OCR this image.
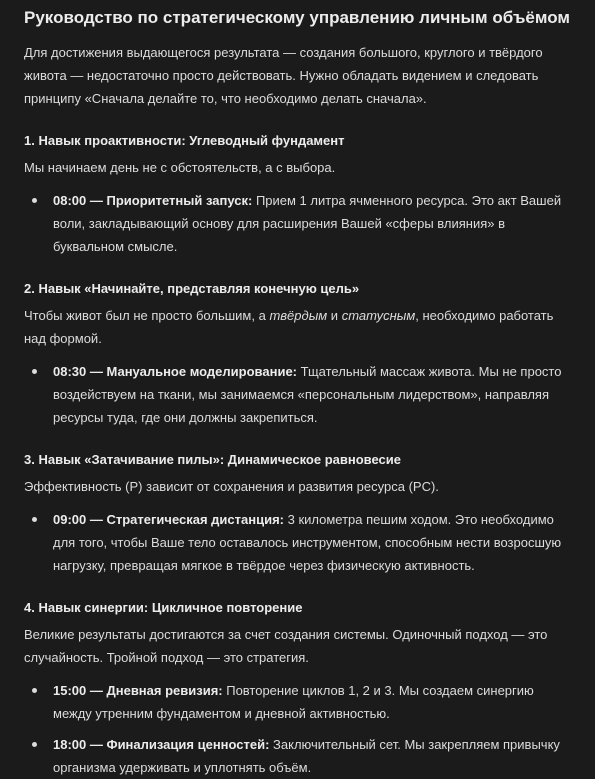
Руководство по стратегическому управлению личным объёмом

Для достижения выдающегося результата — создания большого, круглого и твёрдого живота — недостаточно просто действовать. Нужно обладать видением и следовать принципу «Сначала делайте то, что необходимо делать сначала».

1. Навык проактивности: Углеводный фундамент

Мы начинаем день не с обстоятельств, а с выбора.

08:00 — Приоритетный запуск: Прием 1 литра ячменного ресурса. Это акт Вашей воли, закладывающий основу для расширения Вашей «сферы влияния» в буквальном смысле.
2. Навык «Начинайте, представляя конечную цель»

Чтобы живот был не просто большим, а твёрдым и статусным, необходимо работать над формой.

08:30 — Мануальное моделирование: Тщательный массаж живота. Мы не просто воздействуем на ткани, мы занимаемся «персональным лидерством», направляя ресурсы туда, где они должны закрепиться.
3. Навык «Затачивание пилы»: Динамическое равновесие

Эффективность (P) зависит от сохранения и развития ресурса (PC).

09:00 — Стратегическая дистанция: 3 километра пешим ходом. Это необходимо для того, чтобы Ваше тело оставалось инструментом, способным нести возросшую нагрузку, превращая мягкое в твёрдое через физическую активность.
4. Навык синергии: Цикличное повторение

Великие результаты достигаются за счет создания системы. Одиночный подход — это случайность. Тройной подход — это стратегия.

15:00 — Дневная ревизия: Повторение циклов 1, 2 и 3. Мы создаем синергию между утренним фундаментом и дневной активностью.
18:00 — Финализация ценностей: Заключительный сет. Мы закрепляем привычку организма удерживать и уплотнять объём.
